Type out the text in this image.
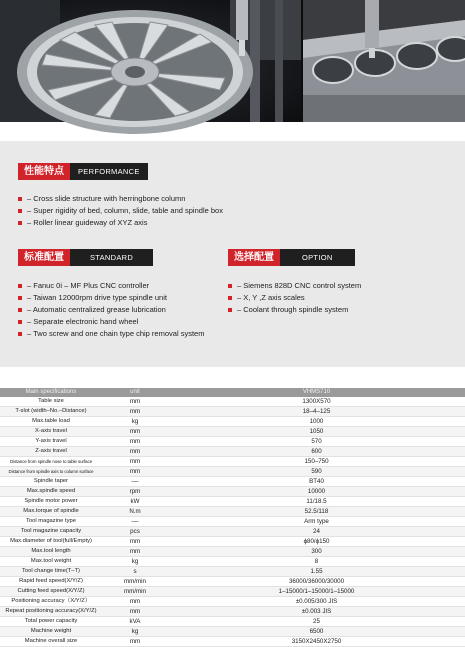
性能特点	PERFORMANCE
– Cross slide structure with herringbone column
– Super rigidity of bed, column, slide, table and spindle box
– Roller linear guideway of XYZ axis
标准配置	STANDARD
– Fanuc 0i – MF Plus CNC controller
– Taiwan 12000rpm drive type spindle unit
– Automatic centralized grease lubrication
– Separate electronic hand wheel
– Two screw and one chain type chip removal system
选择配置	OPTION
– Siemens 828D CNC control system
– X, Y ,Z axis scales
– Coolant through spindle system
Main specifications	unit	VHMS710
Table size	mm	1300X570
T-slot (width–No.–Distance)	mm	18–4–125
Max.table load	kg	1000
X-axis travel	mm	1050
Y-axis travel	mm	570
Z-axis travel	mm	600
Distance from spindle nose to table surface	mm	150–750
Distance from spindle axis to column surface	mm	590
Spindle taper	––	BT40
Max.spindle speed	rpm	10000
Spindle motor power	kW	11/18.5
Max.torque of spindle	N.m	52.5/118
Tool magazine type	––	Arm type
Tool magazine capacity	pcs	24
Max.diameter of tool(full/Empty)	mm	ϕ80/ϕ150
Max.tool length	mm	300
Max.tool weight	kg	8
Tool change time(T–T)	s	1.55
Rapid feed speed(X/Y/Z)	mm/min	36000/36000/30000
Cutting feed speed(X/Y/Z)	mm/min	1–15000/1–15000/1–15000
Positioning accuracy（X/Y/Z）	mm	±0.005/300 JIS
Repeat positioning accuracy(X/Y/Z)	mm	±0.003 JIS
Total power capacity	kVA	25
Machine weight	kg	6500
Machine overall size	mm	3150X2450X2750
